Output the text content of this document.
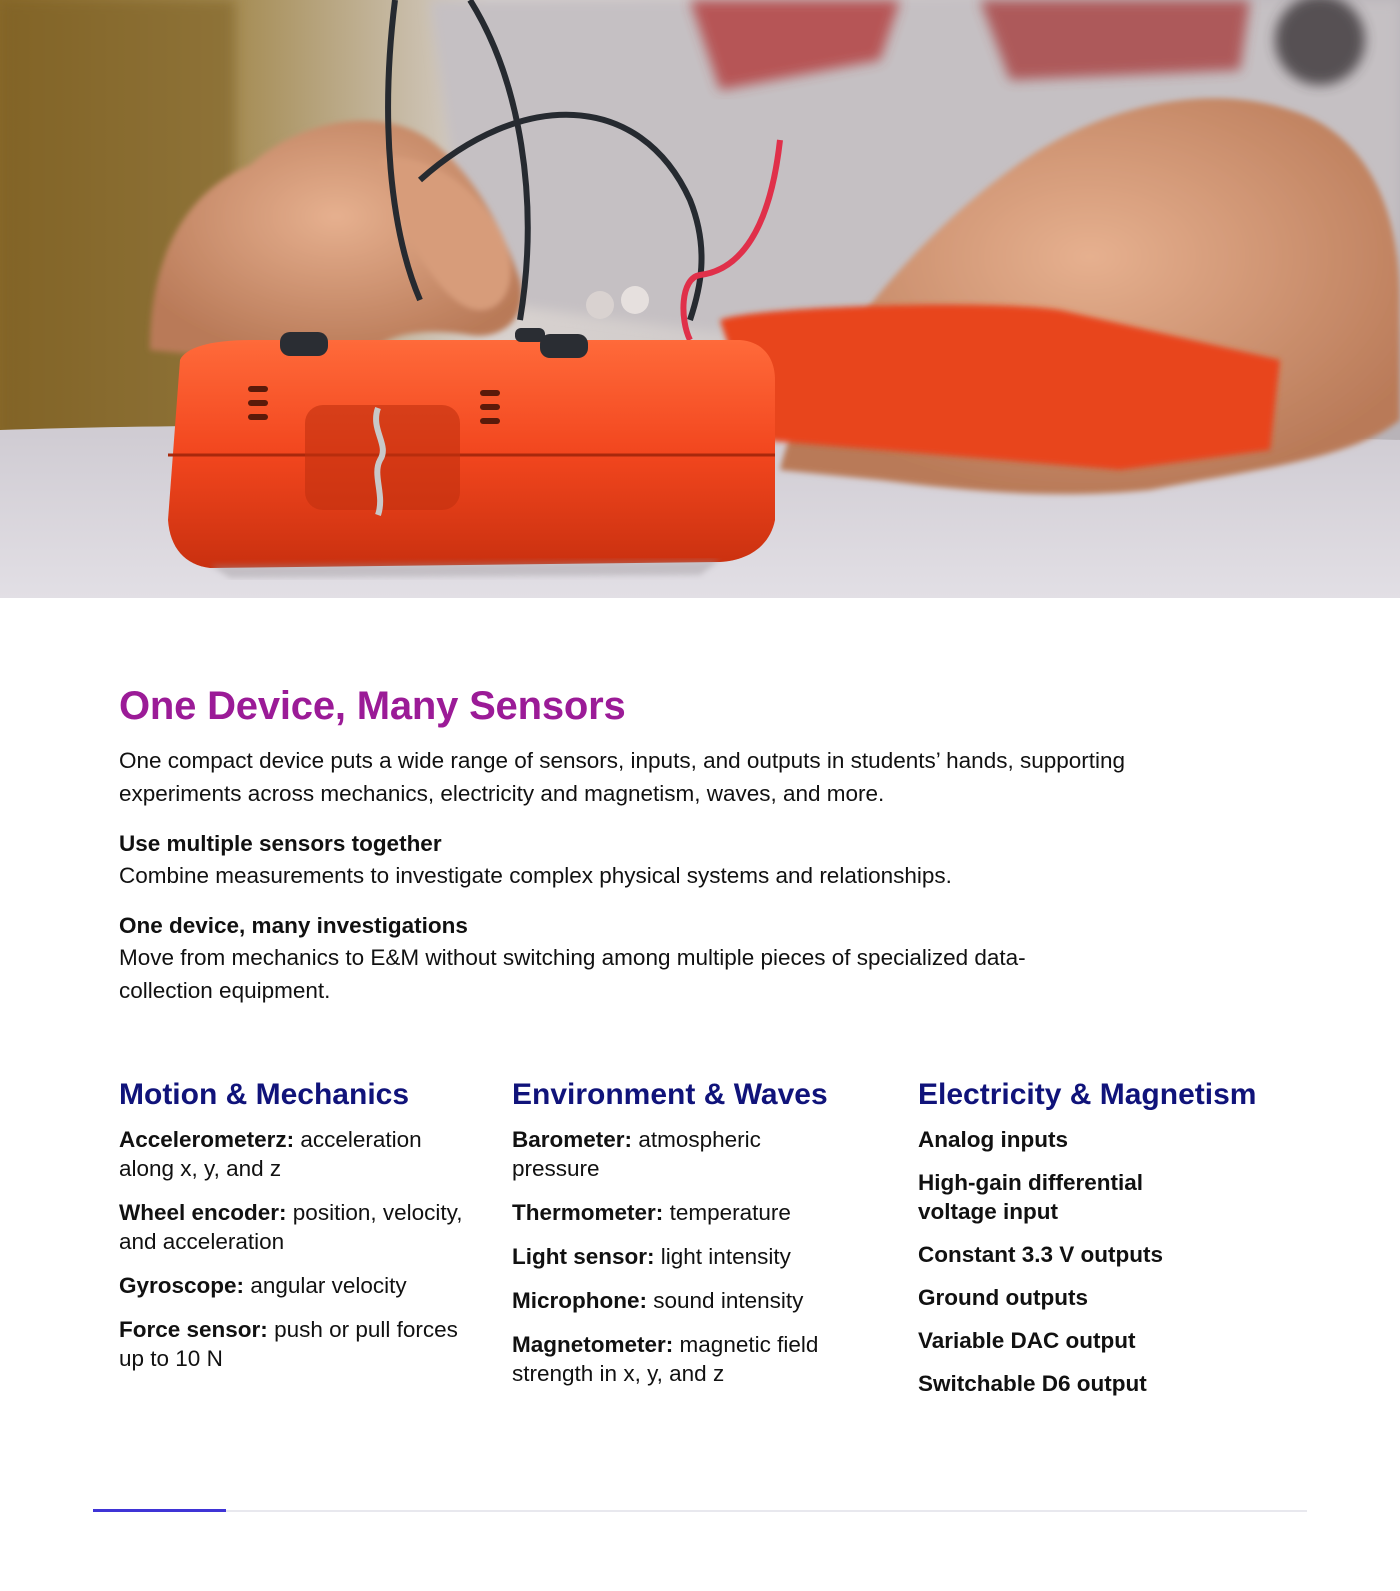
One Device, Many Sensors

One compact device puts a wide range of sensors, inputs, and outputs in students’ hands, supporting experiments across mechanics, electricity and magnetism, waves, and more.

Use multiple sensors together
Combine measurements to investigate complex physical systems and relationships.
One device, many investigations
Move from mechanics to E&M without switching among multiple pieces of specialized data-collection equipment.
Motion & Mechanics
Accelerometerz: acceleration along x, y, and z
Wheel encoder: position, velocity, and acceleration
Gyroscope: angular velocity
Force sensor: push or pull forces up to 10 N
Environment & Waves
Barometer: atmospheric pressure
Thermometer: temperature
Light sensor: light intensity
Microphone: sound intensity
Magnetometer: magnetic field strength in x, y, and z
Electricity & Magnetism
Analog inputs
High-gain differential voltage input
Constant 3.3 V outputs
Ground outputs
Variable DAC output
Switchable D6 output
